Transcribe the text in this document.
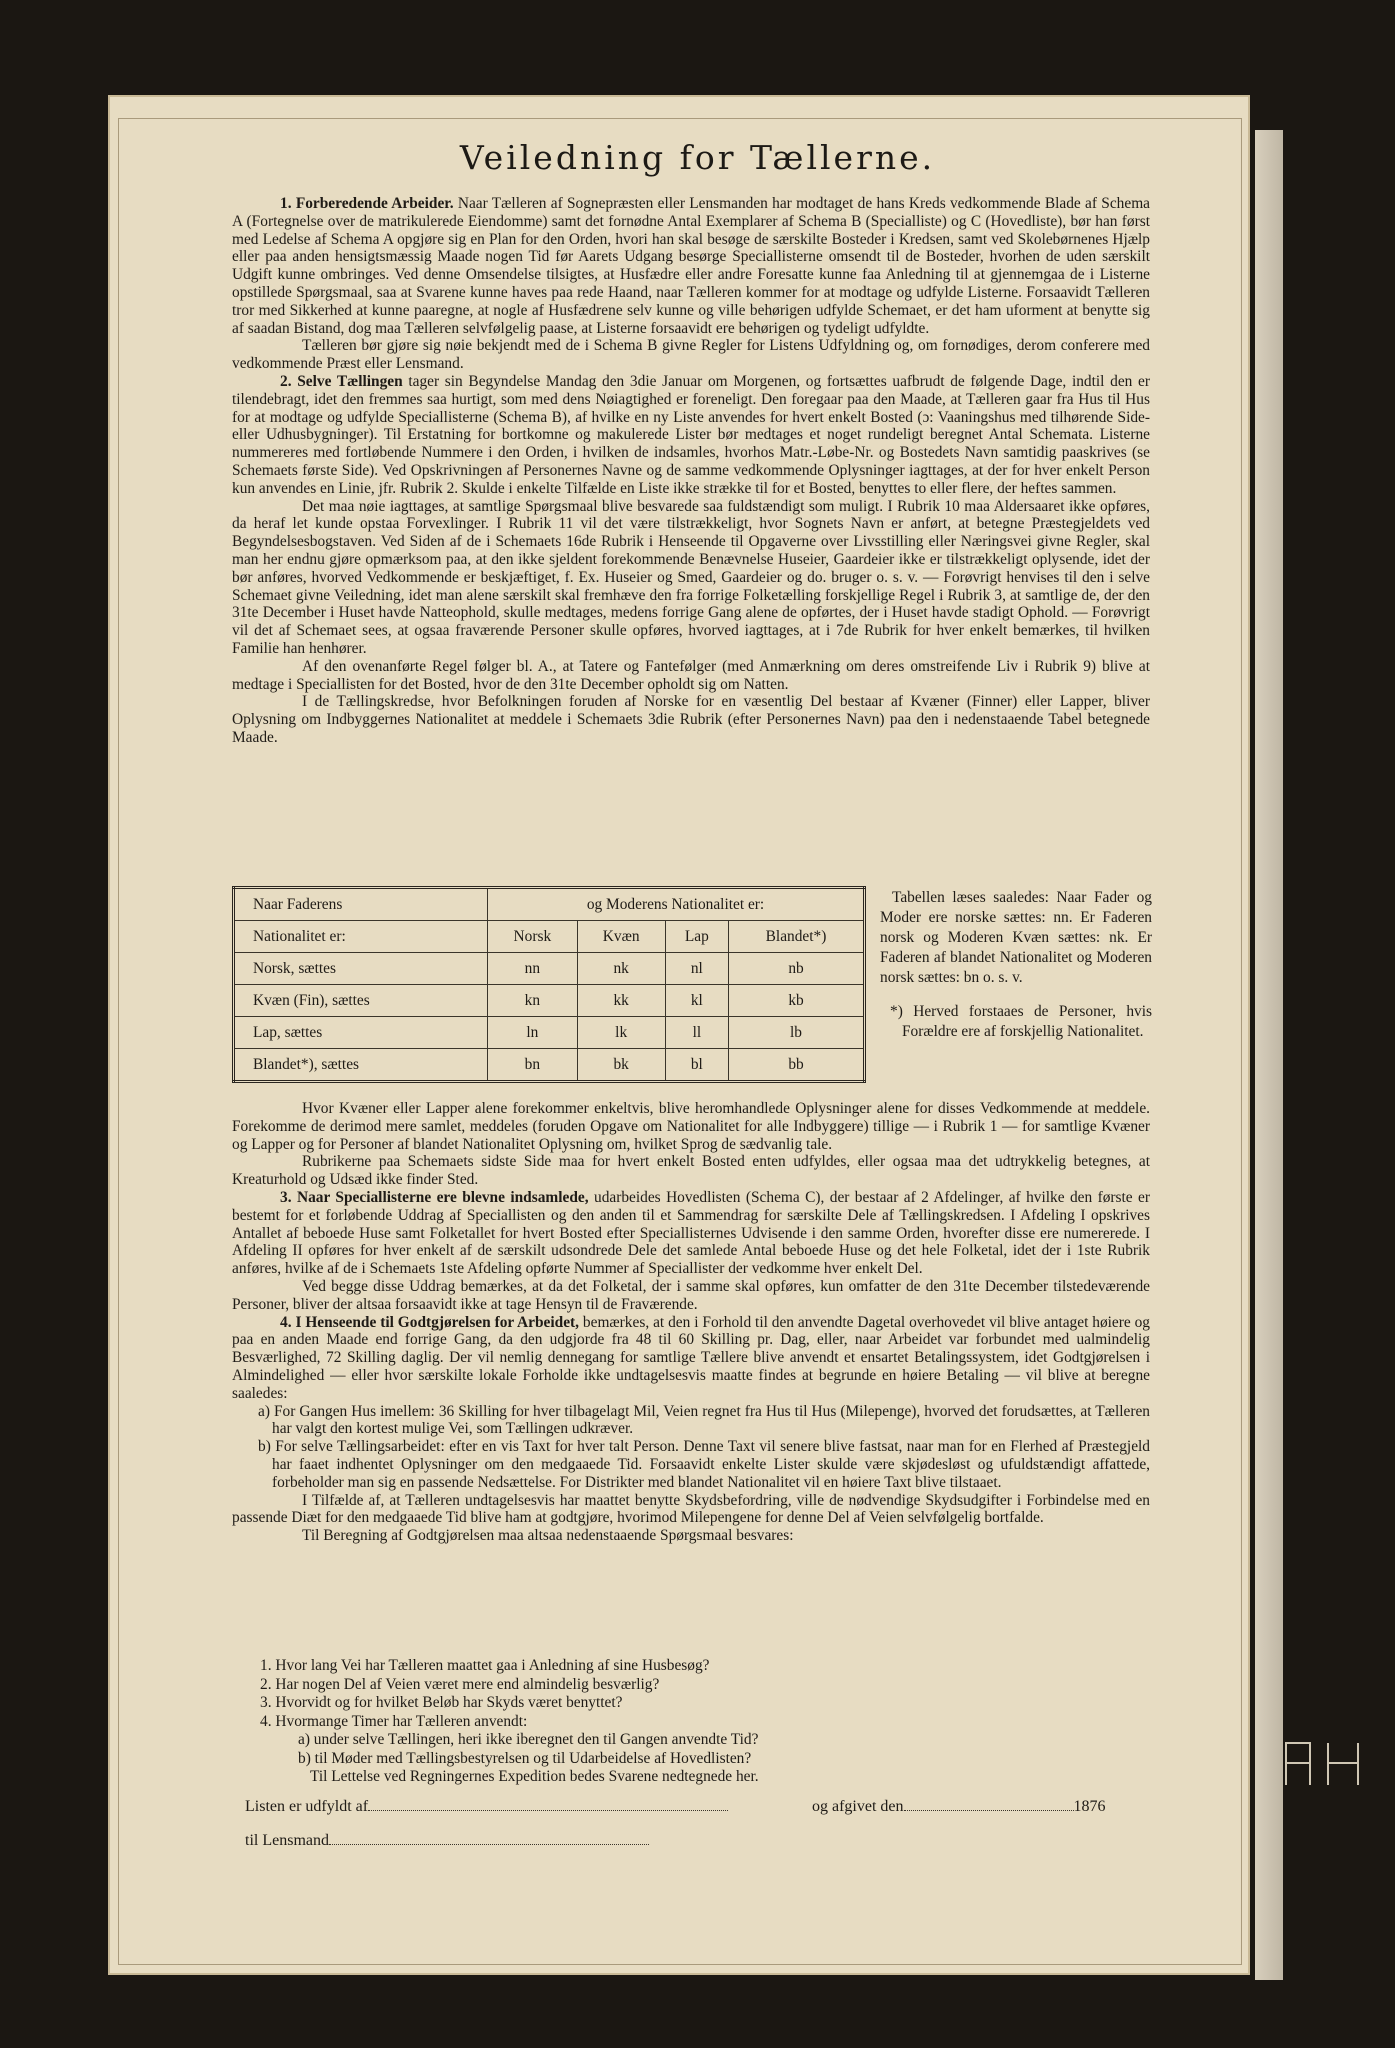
Veiledning for Tællerne.

1. Forberedende Arbeider. Naar Tælleren af Sognepræsten eller Lensmanden har modtaget de hans Kreds vedkommende Blade af Schema A (Fortegnelse over de matrikulerede Eiendomme) samt det fornødne Antal Exemplarer af Schema B (Specialliste) og C (Hovedliste), bør han først med Ledelse af Schema A opgjøre sig en Plan for den Orden, hvori han skal besøge de særskilte Bosteder i Kredsen, samt ved Skolebørnenes Hjælp eller paa anden hensigtsmæssig Maade nogen Tid før Aarets Udgang besørge Speciallisterne omsendt til de Bosteder, hvorhen de uden særskilt Udgift kunne ombringes. Ved denne Omsendelse tilsigtes, at Husfædre eller andre Foresatte kunne faa Anledning til at gjennemgaa de i Listerne opstillede Spørgsmaal, saa at Svarene kunne haves paa rede Haand, naar Tælleren kommer for at modtage og udfylde Listerne. Forsaavidt Tælleren tror med Sikkerhed at kunne paaregne, at nogle af Husfædrene selv kunne og ville behørigen udfylde Schemaet, er det ham uforment at benytte sig af saadan Bistand, dog maa Tælleren selvfølgelig paase, at Listerne forsaavidt ere behørigen og tydeligt udfyldte.

Tælleren bør gjøre sig nøie bekjendt med de i Schema B givne Regler for Listens Udfyldning og, om fornødiges, derom conferere med vedkommende Præst eller Lensmand.

2. Selve Tællingen tager sin Begyndelse Mandag den 3die Januar om Morgenen, og fortsættes uafbrudt de følgende Dage, indtil den er tilendebragt, idet den fremmes saa hurtigt, som med dens Nøiagtighed er foreneligt. Den foregaar paa den Maade, at Tælleren gaar fra Hus til Hus for at modtage og udfylde Speciallisterne (Schema B), af hvilke en ny Liste anvendes for hvert enkelt Bosted (ɔ: Vaaningshus med tilhørende Side- eller Udhusbygninger). Til Erstatning for bortkomne og makulerede Lister bør medtages et noget rundeligt beregnet Antal Schemata. Listerne nummereres med fortløbende Nummere i den Orden, i hvilken de indsamles, hvorhos Matr.-Løbe-Nr. og Bostedets Navn samtidig paaskrives (se Schemaets første Side). Ved Opskrivningen af Personernes Navne og de samme vedkommende Oplysninger iagttages, at der for hver enkelt Person kun anvendes en Linie, jfr. Rubrik 2. Skulde i enkelte Tilfælde en Liste ikke strække til for et Bosted, benyttes to eller flere, der heftes sammen.

Det maa nøie iagttages, at samtlige Spørgsmaal blive besvarede saa fuldstændigt som muligt. I Rubrik 10 maa Aldersaaret ikke opføres, da heraf let kunde opstaa Forvexlinger. I Rubrik 11 vil det være tilstrækkeligt, hvor Sognets Navn er anført, at betegne Præstegjeldets ved Begyndelsesbogstaven. Ved Siden af de i Schemaets 16de Rubrik i Henseende til Opgaverne over Livsstilling eller Næringsvei givne Regler, skal man her endnu gjøre opmærksom paa, at den ikke sjeldent forekommende Benævnelse Huseier, Gaardeier ikke er tilstrækkeligt oplysende, idet der bør anføres, hvorved Vedkommende er beskjæftiget, f. Ex. Huseier og Smed, Gaardeier og do. bruger o. s. v. — Forøvrigt henvises til den i selve Schemaet givne Veiledning, idet man alene særskilt skal fremhæve den fra forrige Folketælling forskjellige Regel i Rubrik 3, at samtlige de, der den 31te December i Huset havde Natteophold, skulle medtages, medens forrige Gang alene de opførtes, der i Huset havde stadigt Ophold. — Forøvrigt vil det af Schemaet sees, at ogsaa fraværende Personer skulle opføres, hvorved iagttages, at i 7de Rubrik for hver enkelt bemærkes, til hvilken Familie han henhører.

Af den ovenanførte Regel følger bl. A., at Tatere og Fantefølger (med Anmærkning om deres omstreifende Liv i Rubrik 9) blive at medtage i Speciallisten for det Bosted, hvor de den 31te December opholdt sig om Natten.

I de Tællingskredse, hvor Befolkningen foruden af Norske for en væsentlig Del bestaar af Kvæner (Finner) eller Lapper, bliver Oplysning om Indbyggernes Nationalitet at meddele i Schemaets 3die Rubrik (efter Personernes Navn) paa den i nedenstaaende Tabel betegnede Maade.

Naar Faderens	og Moderens Nationalitet er:			
Nationalitet er:	Norsk	Kvæn	Lap	Blandet*)
Norsk, sættes	nn	nk	nl	nb
Kvæn (Fin), sættes	kn	kk	kl	kb
Lap, sættes	ln	lk	ll	lb
Blandet*), sættes	bn	bk	bl	bb

Tabellen læses saaledes: Naar Fader og Moder ere norske sættes: nn. Er Faderen norsk og Moderen Kvæn sættes: nk. Er Faderen af blandet Nationalitet og Moderen norsk sættes: bn o. s. v.

*) Herved forstaaes de Personer, hvis Forældre ere af forskjellig Nationalitet.

Hvor Kvæner eller Lapper alene forekommer enkeltvis, blive heromhandlede Oplysninger alene for disses Vedkommende at meddele. Forekomme de derimod mere samlet, meddeles (foruden Opgave om Nationalitet for alle Indbyggere) tillige — i Rubrik 1 — for samtlige Kvæner og Lapper og for Personer af blandet Nationalitet Oplysning om, hvilket Sprog de sædvanlig tale.

Rubrikerne paa Schemaets sidste Side maa for hvert enkelt Bosted enten udfyldes, eller ogsaa maa det udtrykkelig betegnes, at Kreaturhold og Udsæd ikke finder Sted.

3. Naar Speciallisterne ere blevne indsamlede, udarbeides Hovedlisten (Schema C), der bestaar af 2 Afdelinger, af hvilke den første er bestemt for et forløbende Uddrag af Speciallisten og den anden til et Sammendrag for særskilte Dele af Tællingskredsen. I Afdeling I opskrives Antallet af beboede Huse samt Folketallet for hvert Bosted efter Speciallisternes Udvisende i den samme Orden, hvorefter disse ere numererede. I Afdeling II opføres for hver enkelt af de særskilt udsondrede Dele det samlede Antal beboede Huse og det hele Folketal, idet der i 1ste Rubrik anføres, hvilke af de i Schemaets 1ste Afdeling opførte Nummer af Speciallister der vedkomme hver enkelt Del.

Ved begge disse Uddrag bemærkes, at da det Folketal, der i samme skal opføres, kun omfatter de den 31te December tilstedeværende Personer, bliver der altsaa forsaavidt ikke at tage Hensyn til de Fraværende.

4. I Henseende til Godtgjørelsen for Arbeidet, bemærkes, at den i Forhold til den anvendte Dagetal overhovedet vil blive antaget høiere og paa en anden Maade end forrige Gang, da den udgjorde fra 48 til 60 Skilling pr. Dag, eller, naar Arbeidet var forbundet med ualmindelig Besværlighed, 72 Skilling daglig. Der vil nemlig dennegang for samtlige Tællere blive anvendt et ensartet Betalingssystem, idet Godtgjørelsen i Almindelighed — eller hvor særskilte lokale Forholde ikke undtagelsesvis maatte findes at begrunde en høiere Betaling — vil blive at beregne saaledes:

a) For Gangen Hus imellem: 36 Skilling for hver tilbagelagt Mil, Veien regnet fra Hus til Hus (Milepenge), hvorved det forudsættes, at Tælleren har valgt den kortest mulige Vei, som Tællingen udkræver.

b) For selve Tællingsarbeidet: efter en vis Taxt for hver talt Person. Denne Taxt vil senere blive fastsat, naar man for en Flerhed af Præstegjeld har faaet indhentet Oplysninger om den medgaaede Tid. Forsaavidt enkelte Lister skulde være skjødesløst og ufuldstændigt affattede, forbeholder man sig en passende Nedsættelse. For Distrikter med blandet Nationalitet vil en høiere Taxt blive tilstaaet.

I Tilfælde af, at Tælleren undtagelsesvis har maattet benytte Skydsbefordring, ville de nødvendige Skydsudgifter i Forbindelse med en passende Diæt for den medgaaede Tid blive ham at godtgjøre, hvorimod Milepengene for denne Del af Veien selvfølgelig bortfalde.

Til Beregning af Godtgjørelsen maa altsaa nedenstaaende Spørgsmaal besvares:

1. Hvor lang Vei har Tælleren maattet gaa i Anledning af sine Husbesøg?
2. Har nogen Del af Veien været mere end almindelig besværlig?
3. Hvorvidt og for hvilket Beløb har Skyds været benyttet?
4. Hvormange Timer har Tælleren anvendt:
a) under selve Tællingen, heri ikke iberegnet den til Gangen anvendte Tid?
b) til Møder med Tællingsbestyrelsen og til Udarbeidelse af Hovedlisten?
Til Lettelse ved Regningernes Expedition bedes Svarene nedtegnede her.
Listen er udfyldt af	og afgivet den	1876
til Lensmand
